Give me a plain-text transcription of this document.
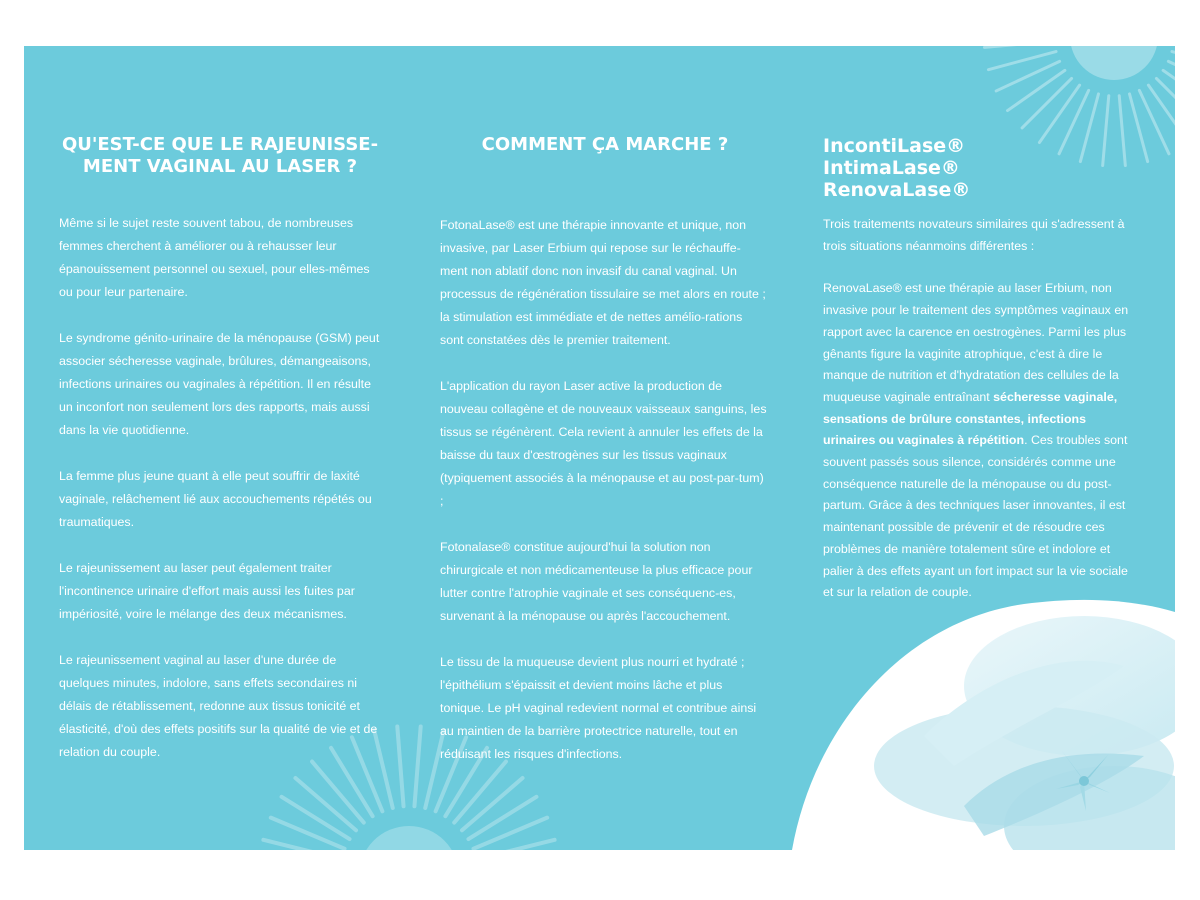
QU'EST-CE QUE LE RAJEUNISSE-MENT VAGINAL AU LASER ?

Même si le sujet reste souvent tabou, de nombreuses femmes cherchent à améliorer ou à rehausser leur épanouissement personnel ou sexuel, pour elles-mêmes ou pour leur partenaire.

Le syndrome génito-urinaire de la ménopause (GSM) peut associer sécheresse vaginale, brûlures, démangeaisons, infections urinaires ou vaginales à répétition. Il en résulte un inconfort non seulement lors des rapports, mais aussi dans la vie quotidienne.

La femme plus jeune quant à elle peut souffrir de laxité vaginale, relâchement lié aux accouchements répétés ou traumatiques.

Le rajeunissement au laser peut également traiter l'incontinence urinaire d'effort mais aussi les fuites par impériosité, voire le mélange des deux mécanismes.

Le rajeunissement vaginal au laser d'une durée de quelques minutes, indolore, sans effets secondaires ni délais de rétablissement, redonne aux tissus tonicité et élasticité, d'où des effets positifs sur la qualité de vie et de relation du couple.

COMMENT ÇA MARCHE ?

FotonaLase® est une thérapie innovante et unique, non invasive, par Laser Erbium qui repose sur le réchauffe-ment non ablatif donc non invasif du canal vaginal. Un processus de régénération tissulaire se met alors en route ; la stimulation est immédiate et de nettes amélio-rations sont constatées dès le premier traitement.

L'application du rayon Laser active la production de nouveau collagène et de nouveaux vaisseaux sanguins, les tissus se régénèrent. Cela revient à annuler les effets de la baisse du taux d'œstrogènes sur les tissus vaginaux (typiquement associés à la ménopause et au post-par-tum) ;

Fotonalase® constitue aujourd'hui la solution non chirurgicale et non médicamenteuse la plus efficace pour lutter contre l'atrophie vaginale et ses conséquenc-es, survenant à la ménopause ou après l'accouchement.

Le tissu de la muqueuse devient plus nourri et hydraté ; l'épithélium s'épaissit et devient moins lâche et plus tonique. Le pH vaginal redevient normal et contribue ainsi au maintien de la barrière protectrice naturelle, tout en réduisant les risques d'infections.

IncontiLase®
IntimaLase®
RenovaLase®

Trois traitements novateurs similaires qui s'adressent à trois situations néanmoins différentes :

RenovaLase® est une thérapie au laser Erbium, non invasive pour le traitement des symptômes vaginaux en rapport avec la carence en oestrogènes. Parmi les plus gênants figure la vaginite atrophique, c'est à dire le manque de nutrition et d'hydratation des cellules de la muqueuse vaginale entraînant sécheresse vaginale, sensations de brûlure constantes, infections urinaires ou vaginales à répétition. Ces troubles sont souvent passés sous silence, considérés comme une conséquence naturelle de la ménopause ou du post-partum. Grâce à des techniques laser innovantes, il est maintenant possible de prévenir et de résoudre ces problèmes de manière totalement sûre et indolore et palier à des effets ayant un fort impact sur la vie sociale et sur la relation de couple.
